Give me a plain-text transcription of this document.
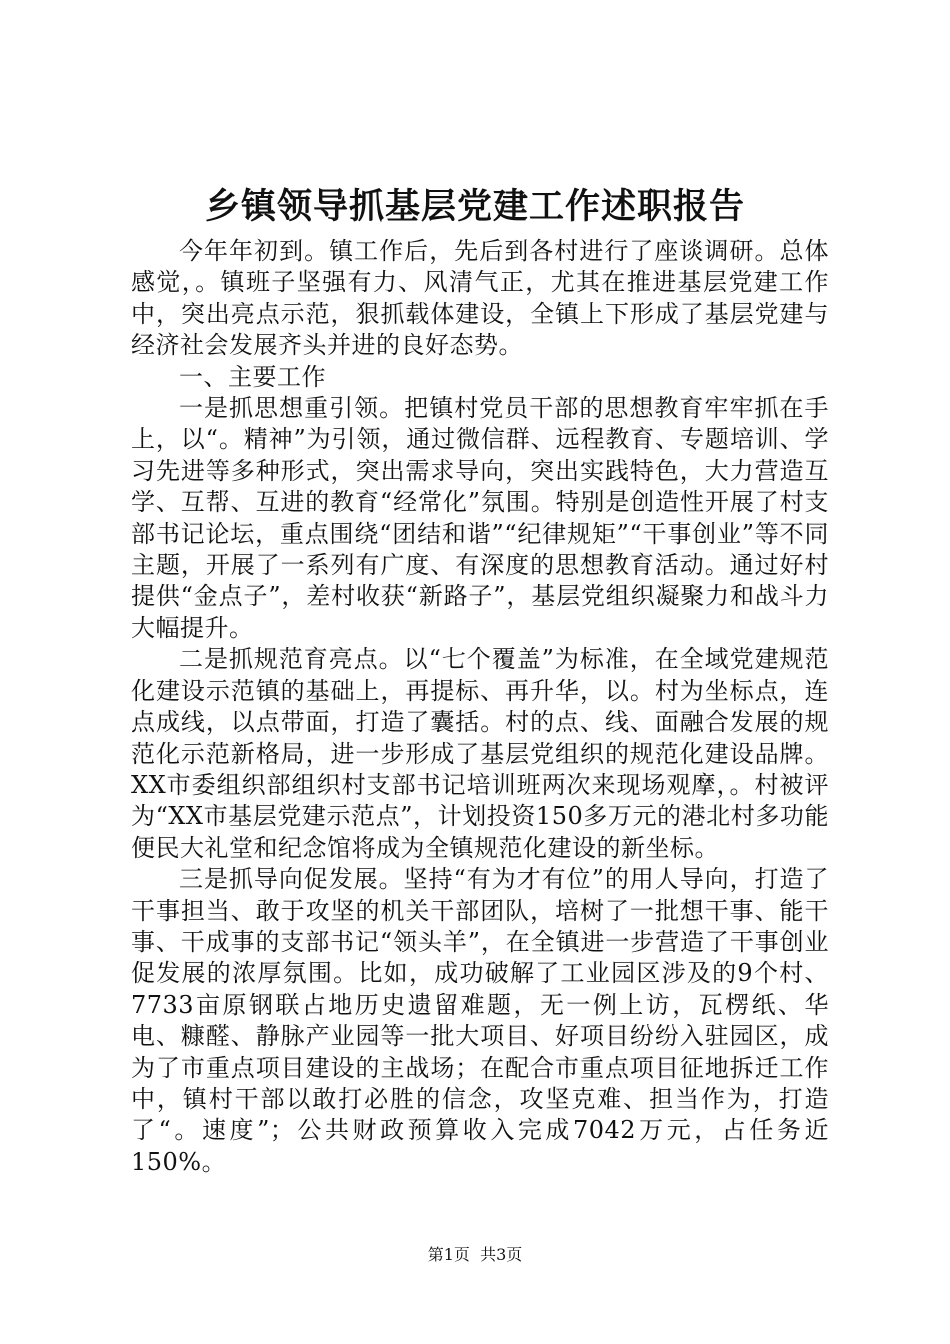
乡镇领导抓基层党建工作述职报告

今年年初到。镇工作后，先后到各村进行了座谈调研。总体感觉，。镇班子坚强有力、风清气正，尤其在推进基层党建工作中，突出亮点示范，狠抓载体建设，全镇上下形成了基层党建与经济社会发展齐头并进的良好态势。

一、主要工作

一是抓思想重引领。把镇村党员干部的思想教育牢牢抓在手上，以“。精神”为引领，通过微信群、远程教育、专题培训、学习先进等多种形式，突出需求导向，突出实践特色，大力营造互学、互帮、互进的教育“经常化”氛围。特别是创造性开展了村支部书记论坛，重点围绕“团结和谐”“纪律规矩”“干事创业”等不同主题，开展了一系列有广度、有深度的思想教育活动。通过好村提供“金点子”，差村收获“新路子”，基层党组织凝聚力和战斗力大幅提升。

二是抓规范育亮点。以“七个覆盖”为标准，在全域党建规范化建设示范镇的基础上，再提标、再升华，以。村为坐标点，连点成线，以点带面，打造了囊括。村的点、线、面融合发展的规范化示范新格局，进一步形成了基层党组织的规范化建设品牌。XX市委组织部组织村支部书记培训班两次来现场观摩，。村被评为“XX市基层党建示范点”，计划投资150多万元的港北村多功能便民大礼堂和纪念馆将成为全镇规范化建设的新坐标。

三是抓导向促发展。坚持“有为才有位”的用人导向，打造了干事担当、敢于攻坚的机关干部团队，培树了一批想干事、能干事、干成事的支部书记“领头羊”，在全镇进一步营造了干事创业促发展的浓厚氛围。比如，成功破解了工业园区涉及的9个村、7733亩原钢联占地历史遗留难题，无一例上访，瓦楞纸、华电、糠醛、静脉产业园等一批大项目、好项目纷纷入驻园区，成为了市重点项目建设的主战场；在配合市重点项目征地拆迁工作中，镇村干部以敢打必胜的信念，攻坚克难、担当作为，打造了“。速度”；公共财政预算收入完成7042万元，占任务近150%。

第1页  共3页
